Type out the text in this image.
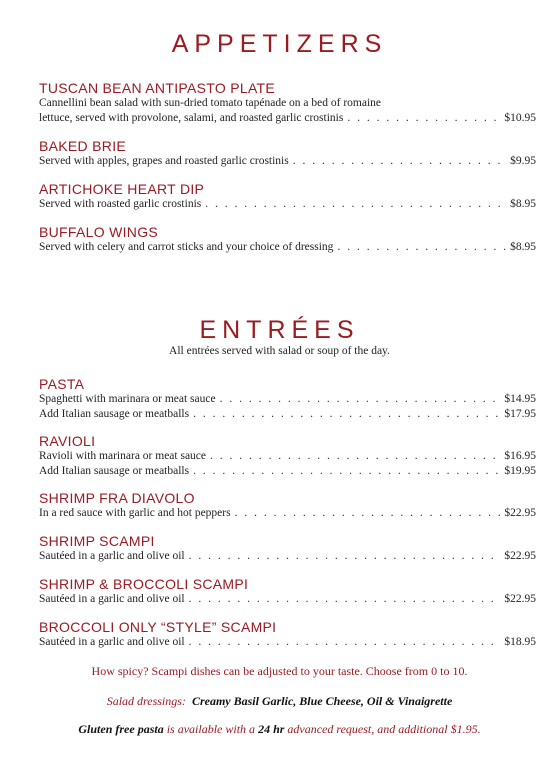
APPETIZERS
TUSCAN BEAN ANTIPASTO PLATE
Cannellini bean salad with sun-dried tomato tapénade on a bed of romaine
lettuce, served with provolone, salami, and roasted garlic crostinis . . .	$10.95
BAKED BRIE
Served with apples, grapes and roasted garlic crostinis . . .	$9.95
ARTICHOKE HEART DIP
Served with roasted garlic crostinis . . .	$8.95
BUFFALO WINGS
Served with celery and carrot sticks and your choice of dressing . . .	$8.95
ENTRÉES
All entrées served with salad or soup of the day.
PASTA
Spaghetti with marinara or meat sauce . . .	$14.95
Add Italian sausage or meatballs . . .	$17.95
RAVIOLI
Ravioli with marinara or meat sauce . . .	$16.95
Add Italian sausage or meatballs . . .	$19.95
SHRIMP FRA DIAVOLO
In a red sauce with garlic and hot peppers . . .	$22.95
SHRIMP SCAMPI
Sautéed in a garlic and olive oil . . .	$22.95
SHRIMP & BROCCOLI SCAMPI
Sautéed in a garlic and olive oil . . .	$22.95
BROCCOLI ONLY “STYLE” SCAMPI
Sautéed in a garlic and olive oil . . .	$18.95
How spicy? Scampi dishes can be adjusted to your taste. Choose from 0 to 10.
Salad dressings: Creamy Basil Garlic, Blue Cheese, Oil & Vinaigrette
Gluten free pasta is available with a 24 hr advanced request, and additional $1.95.
